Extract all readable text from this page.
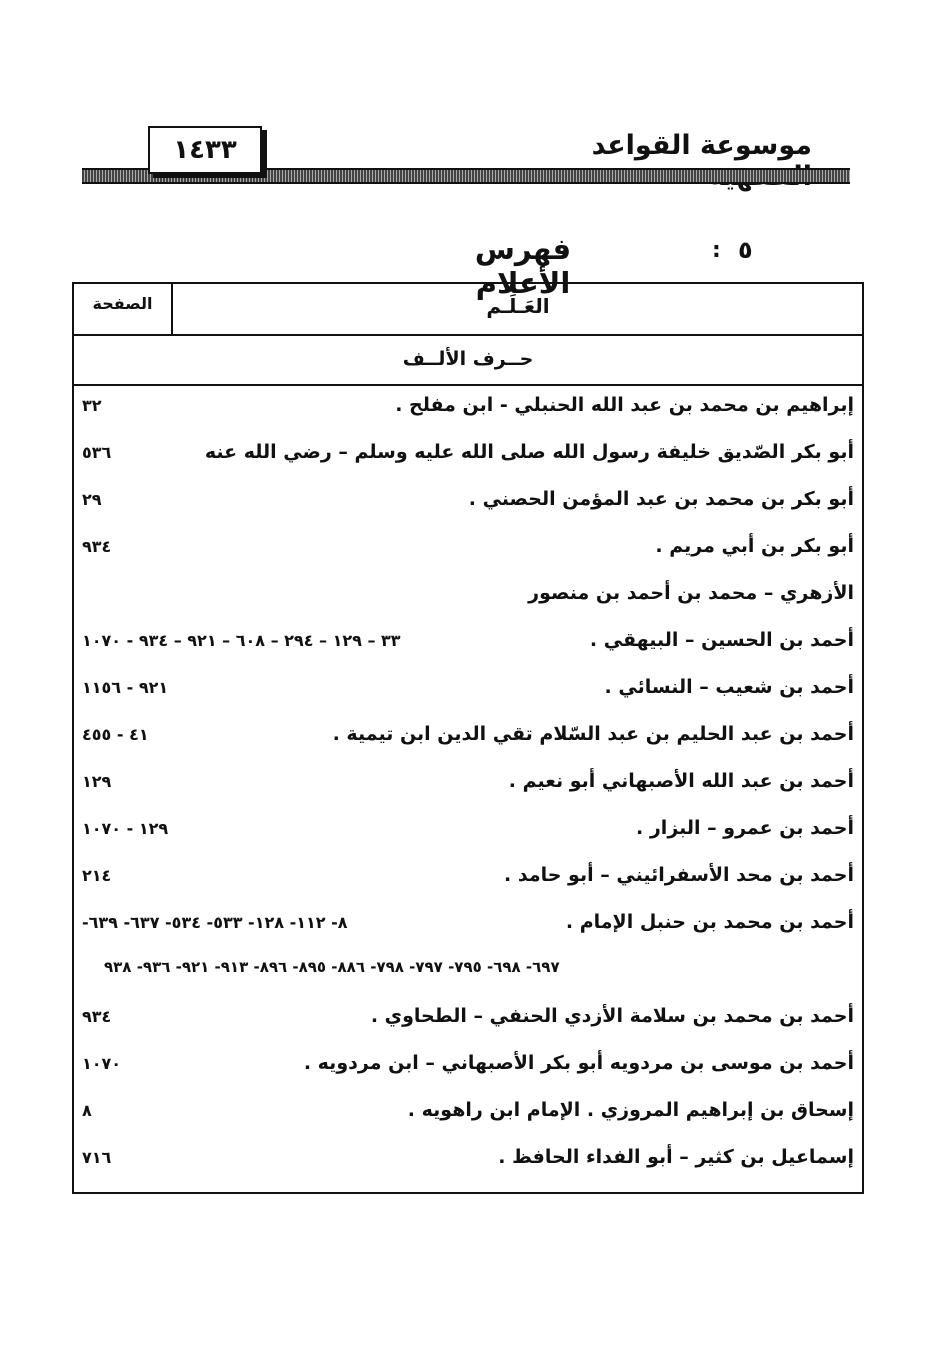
موسوعة القواعد
١٤٣٣
٥
:
فهرس الأعلام
الصفحة	العَـلَـم
حــرف الألــف
إبراهيم بن محمد بن عبد الله الحنبلي - ابن مفلح .
٣٢
أبو بكر الصّديق خليفة رسول الله صلى الله عليه وسلم – رضي الله عنه
٥٣٦
أبو بكر بن محمد بن عبد المؤمن الحصني .
٢٩
أبو بكر بن أبي مريم .
٩٣٤
الأزهري – محمد بن أحمد بن منصور
أحمد بن الحسين – البيهقي .
٣٣ – ١٢٩ – ٢٩٤ – ٦٠٨ – ٩٢١ – ٩٣٤ - ١٠٧٠
أحمد بن شعيب – النسائي .
٩٢١ - ١١٥٦
أحمد بن عبد الحليم بن عبد السّلام تقي الدين ابن تيمية .
٤١ - ٤٥٥
أحمد بن عبد الله الأصبهاني أبو نعيم .
١٢٩
أحمد بن عمرو – البزار .
١٢٩ - ١٠٧٠
أحمد بن محد الأسفرائيني – أبو حامد .
٢١٤
أحمد بن محمد بن حنبل الإمام .
٨- ١١٢- ١٢٨- ٥٣٣- ٥٣٤- ٦٣٧- ٦٣٩-
٦٩٧- ٦٩٨- ٧٩٥- ٧٩٧- ٧٩٨- ٨٨٦- ٨٩٥- ٨٩٦- ٩١٣- ٩٢١- ٩٣٦- ٩٣٨
أحمد بن محمد بن سلامة الأزدي الحنفي – الطحاوي .
٩٣٤
أحمد بن موسى بن مردويه أبو بكر الأصبهاني – ابن مردويه .
١٠٧٠
إسحاق بن إبراهيم المروزي . الإمام ابن راهويه .
٨
إسماعيل بن كثير – أبو الفداء الحافظ .
٧١٦
